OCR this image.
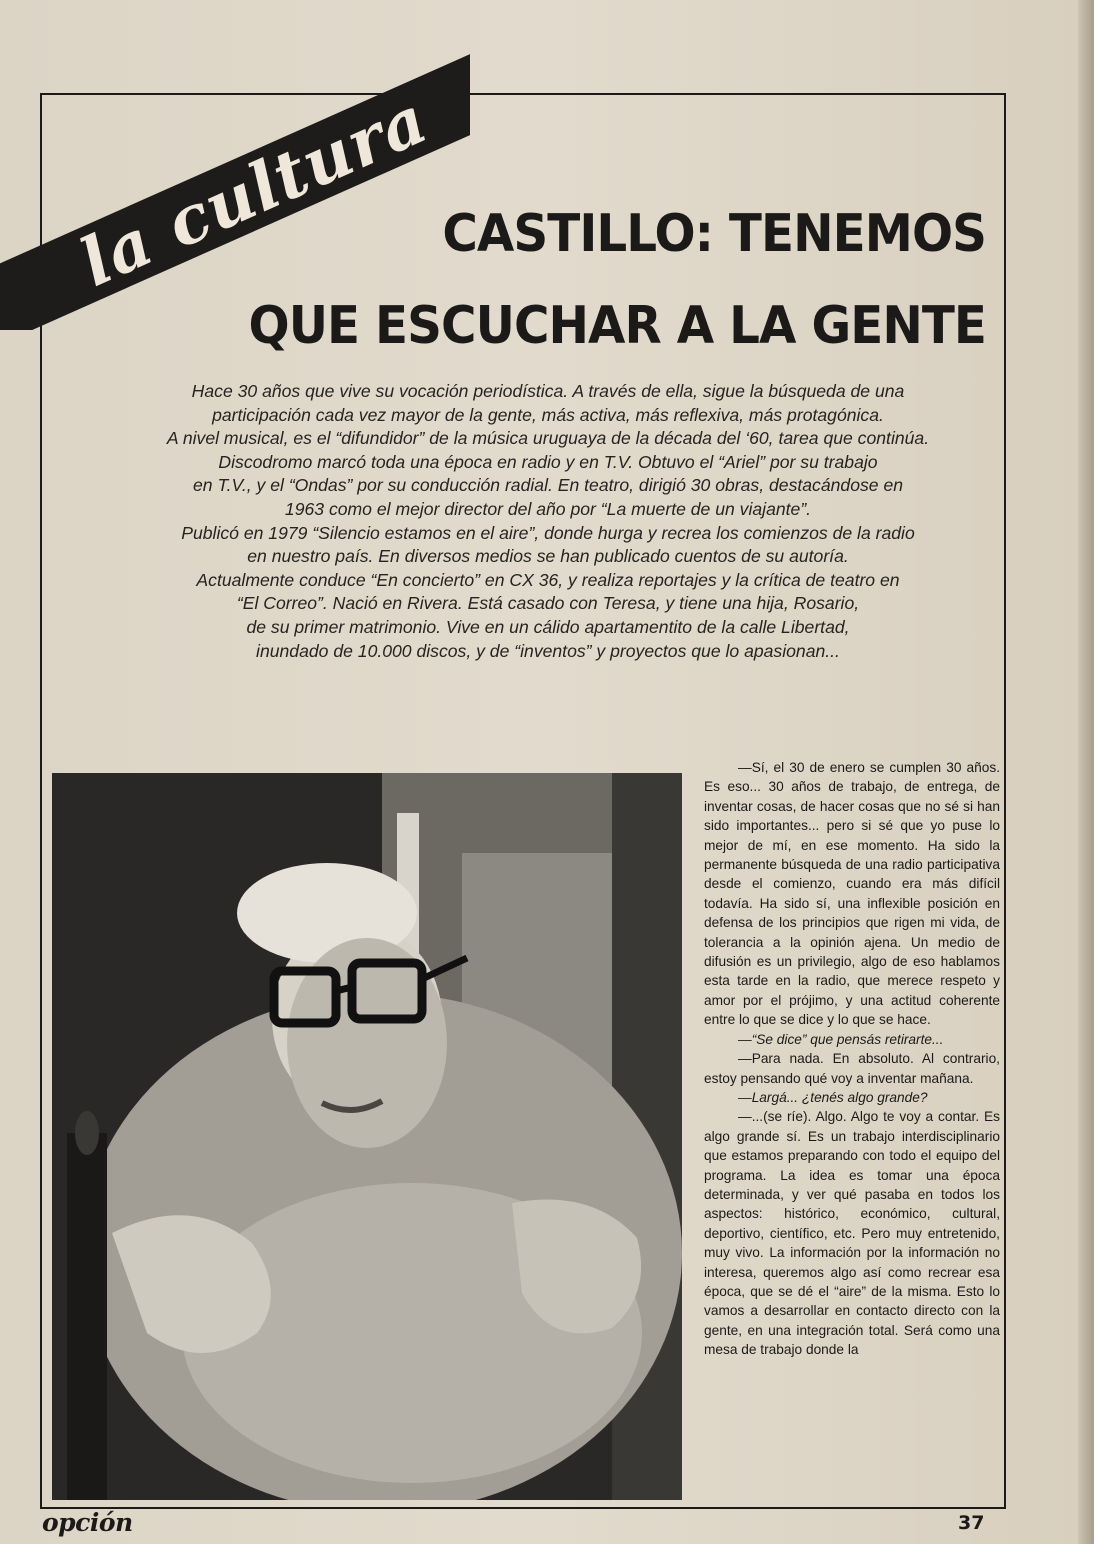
la cultura CASTILLO: TENEMOS
QUE ESCUCHAR A LA GENTE

Hace 30 años que vive su vocación periodística. A través de ella, sigue la búsqueda de una

participación cada vez mayor de la gente, más activa, más reflexiva, más protagónica.

A nivel musical, es el “difundidor” de la música uruguaya de la década del ‘60, tarea que continúa.

Discodromo marcó toda una época en radio y en T.V. Obtuvo el “Ariel” por su trabajo

en T.V., y el “Ondas” por su conducción radial. En teatro, dirigió 30 obras, destacándose en

1963 como el mejor director del año por “La muerte de un viajante”.

Publicó en 1979 “Silencio estamos en el aire”, donde hurga y recrea los comienzos de la radio

en nuestro país. En diversos medios se han publicado cuentos de su autoría.

Actualmente conduce “En concierto” en CX 36, y realiza reportajes y la crítica de teatro en

“El Correo”. Nació en Rivera. Está casado con Teresa, y tiene una hija, Rosario,

de su primer matrimonio. Vive en un cálido apartamentito de la calle Libertad,

inundado de 10.000 discos, y de “inventos” y proyectos que lo apasionan...

—Sí, el 30 de enero se cumplen 30 años. Es eso... 30 años de trabajo, de entrega, de inventar cosas, de hacer cosas que no sé si han sido importantes... pero si sé que yo puse lo mejor de mí, en ese momento. Ha sido la permanente búsqueda de una radio participativa desde el comienzo, cuando era más difícil todavía. Ha sido sí, una inflexible posición en defensa de los principios que rigen mi vida, de tolerancia a la opinión ajena. Un medio de difusión es un privilegio, algo de eso hablamos esta tarde en la radio, que merece respeto y amor por el prójimo, y una actitud coherente entre lo que se dice y lo que se hace.

—“Se dice” que pensás retirarte...

—Para nada. En absoluto. Al contrario, estoy pensando qué voy a inventar mañana.

—Largá... ¿tenés algo grande?

—...(se ríe). Algo. Algo te voy a contar. Es algo grande sí. Es un trabajo interdisciplinario que estamos preparando con todo el equipo del programa. La idea es tomar una época determinada, y ver qué pasaba en todos los aspectos: histórico, económico, cultural, deportivo, científico, etc. Pero muy entretenido, muy vivo. La información por la información no interesa, queremos algo así como recrear esa época, que se dé el “aire” de la misma. Esto lo vamos a desarrollar en contacto directo con la gente, en una integración total. Será como una mesa de trabajo donde la

opción	37
